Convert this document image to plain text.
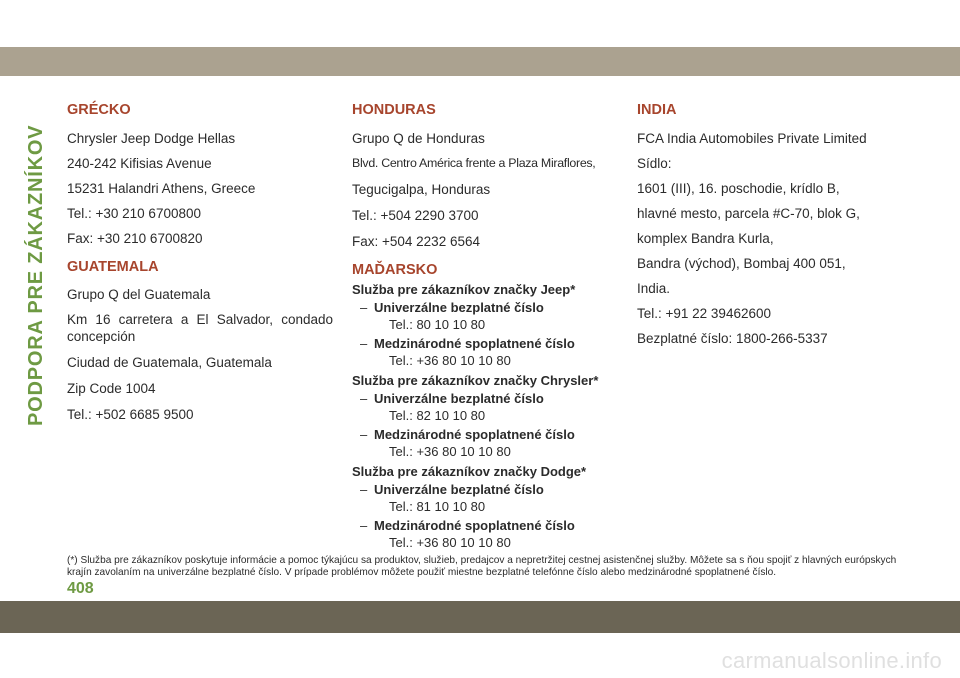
PODPORA PRE ZÁKAZNÍKOV

GRÉCKO

Chrysler Jeep Dodge Hellas

240-242 Kifisias Avenue

15231 Halandri Athens, Greece

Tel.: +30 210 6700800

Fax: +30 210 6700820

GUATEMALA

Grupo Q del Guatemala

Km 16 carretera a El Salvador, condado concepción

Ciudad de Guatemala, Guatemala

Zip Code 1004

Tel.: +502 6685 9500

HONDURAS

Grupo Q de Honduras

Blvd. Centro América frente a Plaza Miraflores,

Tegucigalpa, Honduras

Tel.: +504 2290 3700

Fax: +504 2232 6564

MAĎARSKO

Služba pre zákazníkov značky Jeep*

– Univerzálne bezplatné číslo

Tel.: 80 10 10 80

– Medzinárodné spoplatnené číslo

Tel.: +36 80 10 10 80

Služba pre zákazníkov značky Chrysler*

– Univerzálne bezplatné číslo

Tel.: 82 10 10 80

– Medzinárodné spoplatnené číslo

Tel.: +36 80 10 10 80

Služba pre zákazníkov značky Dodge*

– Univerzálne bezplatné číslo

Tel.: 81 10 10 80

– Medzinárodné spoplatnené číslo

Tel.: +36 80 10 10 80

INDIA

FCA India Automobiles Private Limited

Sídlo:

1601 (III), 16. poschodie, krídlo B,

hlavné mesto, parcela #C-70, blok G,

komplex Bandra Kurla,

Bandra (východ), Bombaj 400 051,

India.

Tel.: +91 22 39462600

Bezplatné číslo: 1800-266-5337

(*) Služba pre zákazníkov poskytuje informácie a pomoc týkajúcu sa produktov, služieb, predajcov a nepretržitej cestnej asistenčnej služby. Môžete sa s ňou spojiť z hlavných európskych krajín zavolaním na univerzálne bezplatné číslo. V prípade problémov môžete použiť miestne bezplatné telefónne číslo alebo medzinárodné spoplatnené číslo.

408

carmanualsonline.info
